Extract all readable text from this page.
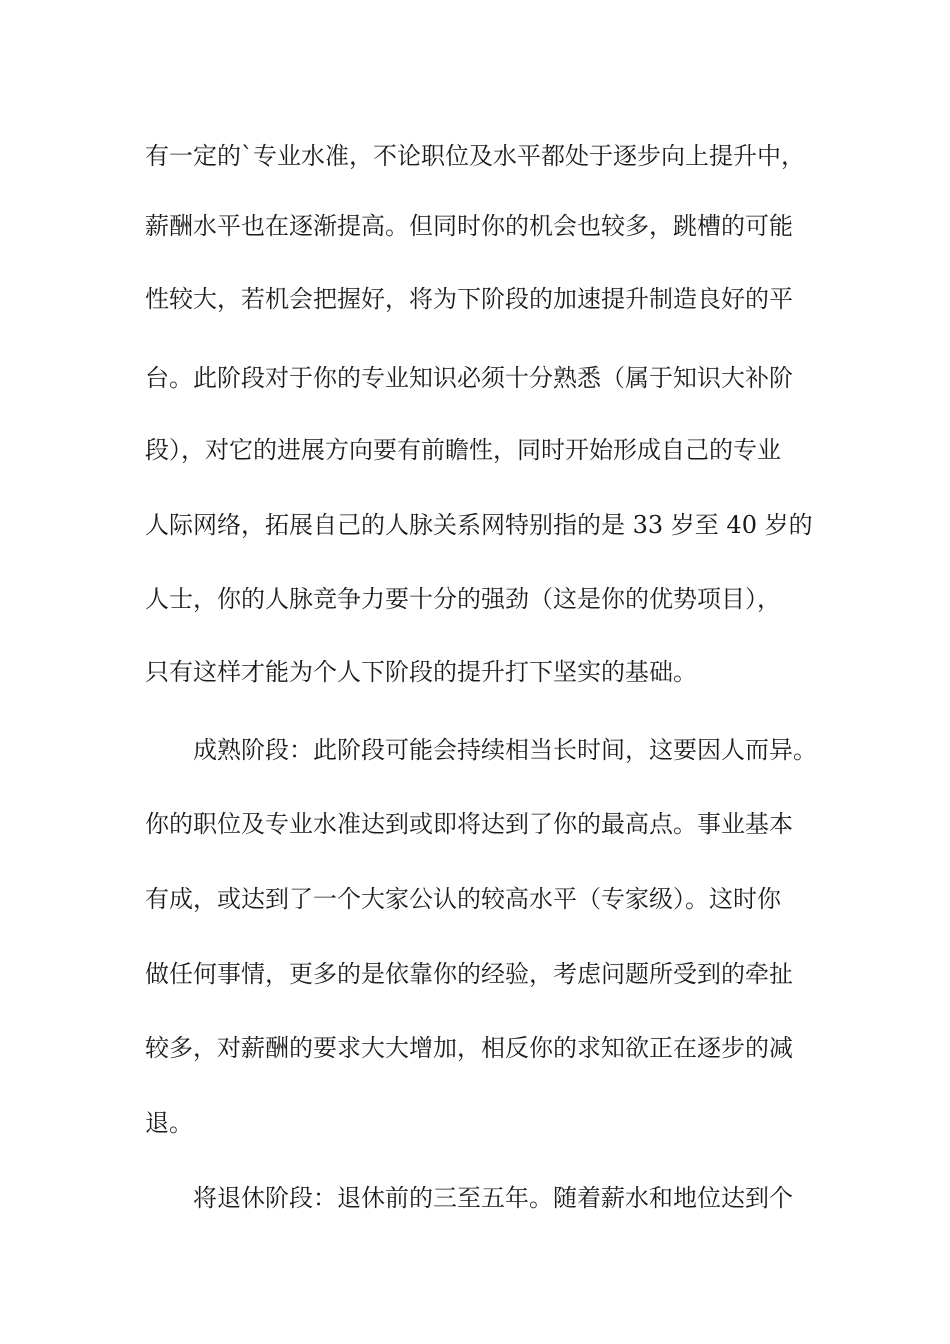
有一定的`专业水准，不论职位及水平都处于逐步向上提升中，
薪酬水平也在逐渐提高。但同时你的机会也较多，跳槽的可能
性较大，若机会把握好，将为下阶段的加速提升制造良好的平
台。此阶段对于你的专业知识必须十分熟悉（属于知识大补阶
段），对它的进展方向要有前瞻性，同时开始形成自己的专业
人际网络，拓展自己的人脉关系网特别指的是 33 岁至 40 岁的
人士，你的人脉竞争力要十分的强劲（这是你的优势项目），
只有这样才能为个人下阶段的提升打下坚实的基础。
成熟阶段：此阶段可能会持续相当长时间，这要因人而异。
你的职位及专业水准达到或即将达到了你的最高点。事业基本
有成，或达到了一个大家公认的较高水平（专家级）。这时你
做任何事情，更多的是依靠你的经验，考虑问题所受到的牵扯
较多，对薪酬的要求大大增加，相反你的求知欲正在逐步的减
退。
将退休阶段：退休前的三至五年。随着薪水和地位达到个
